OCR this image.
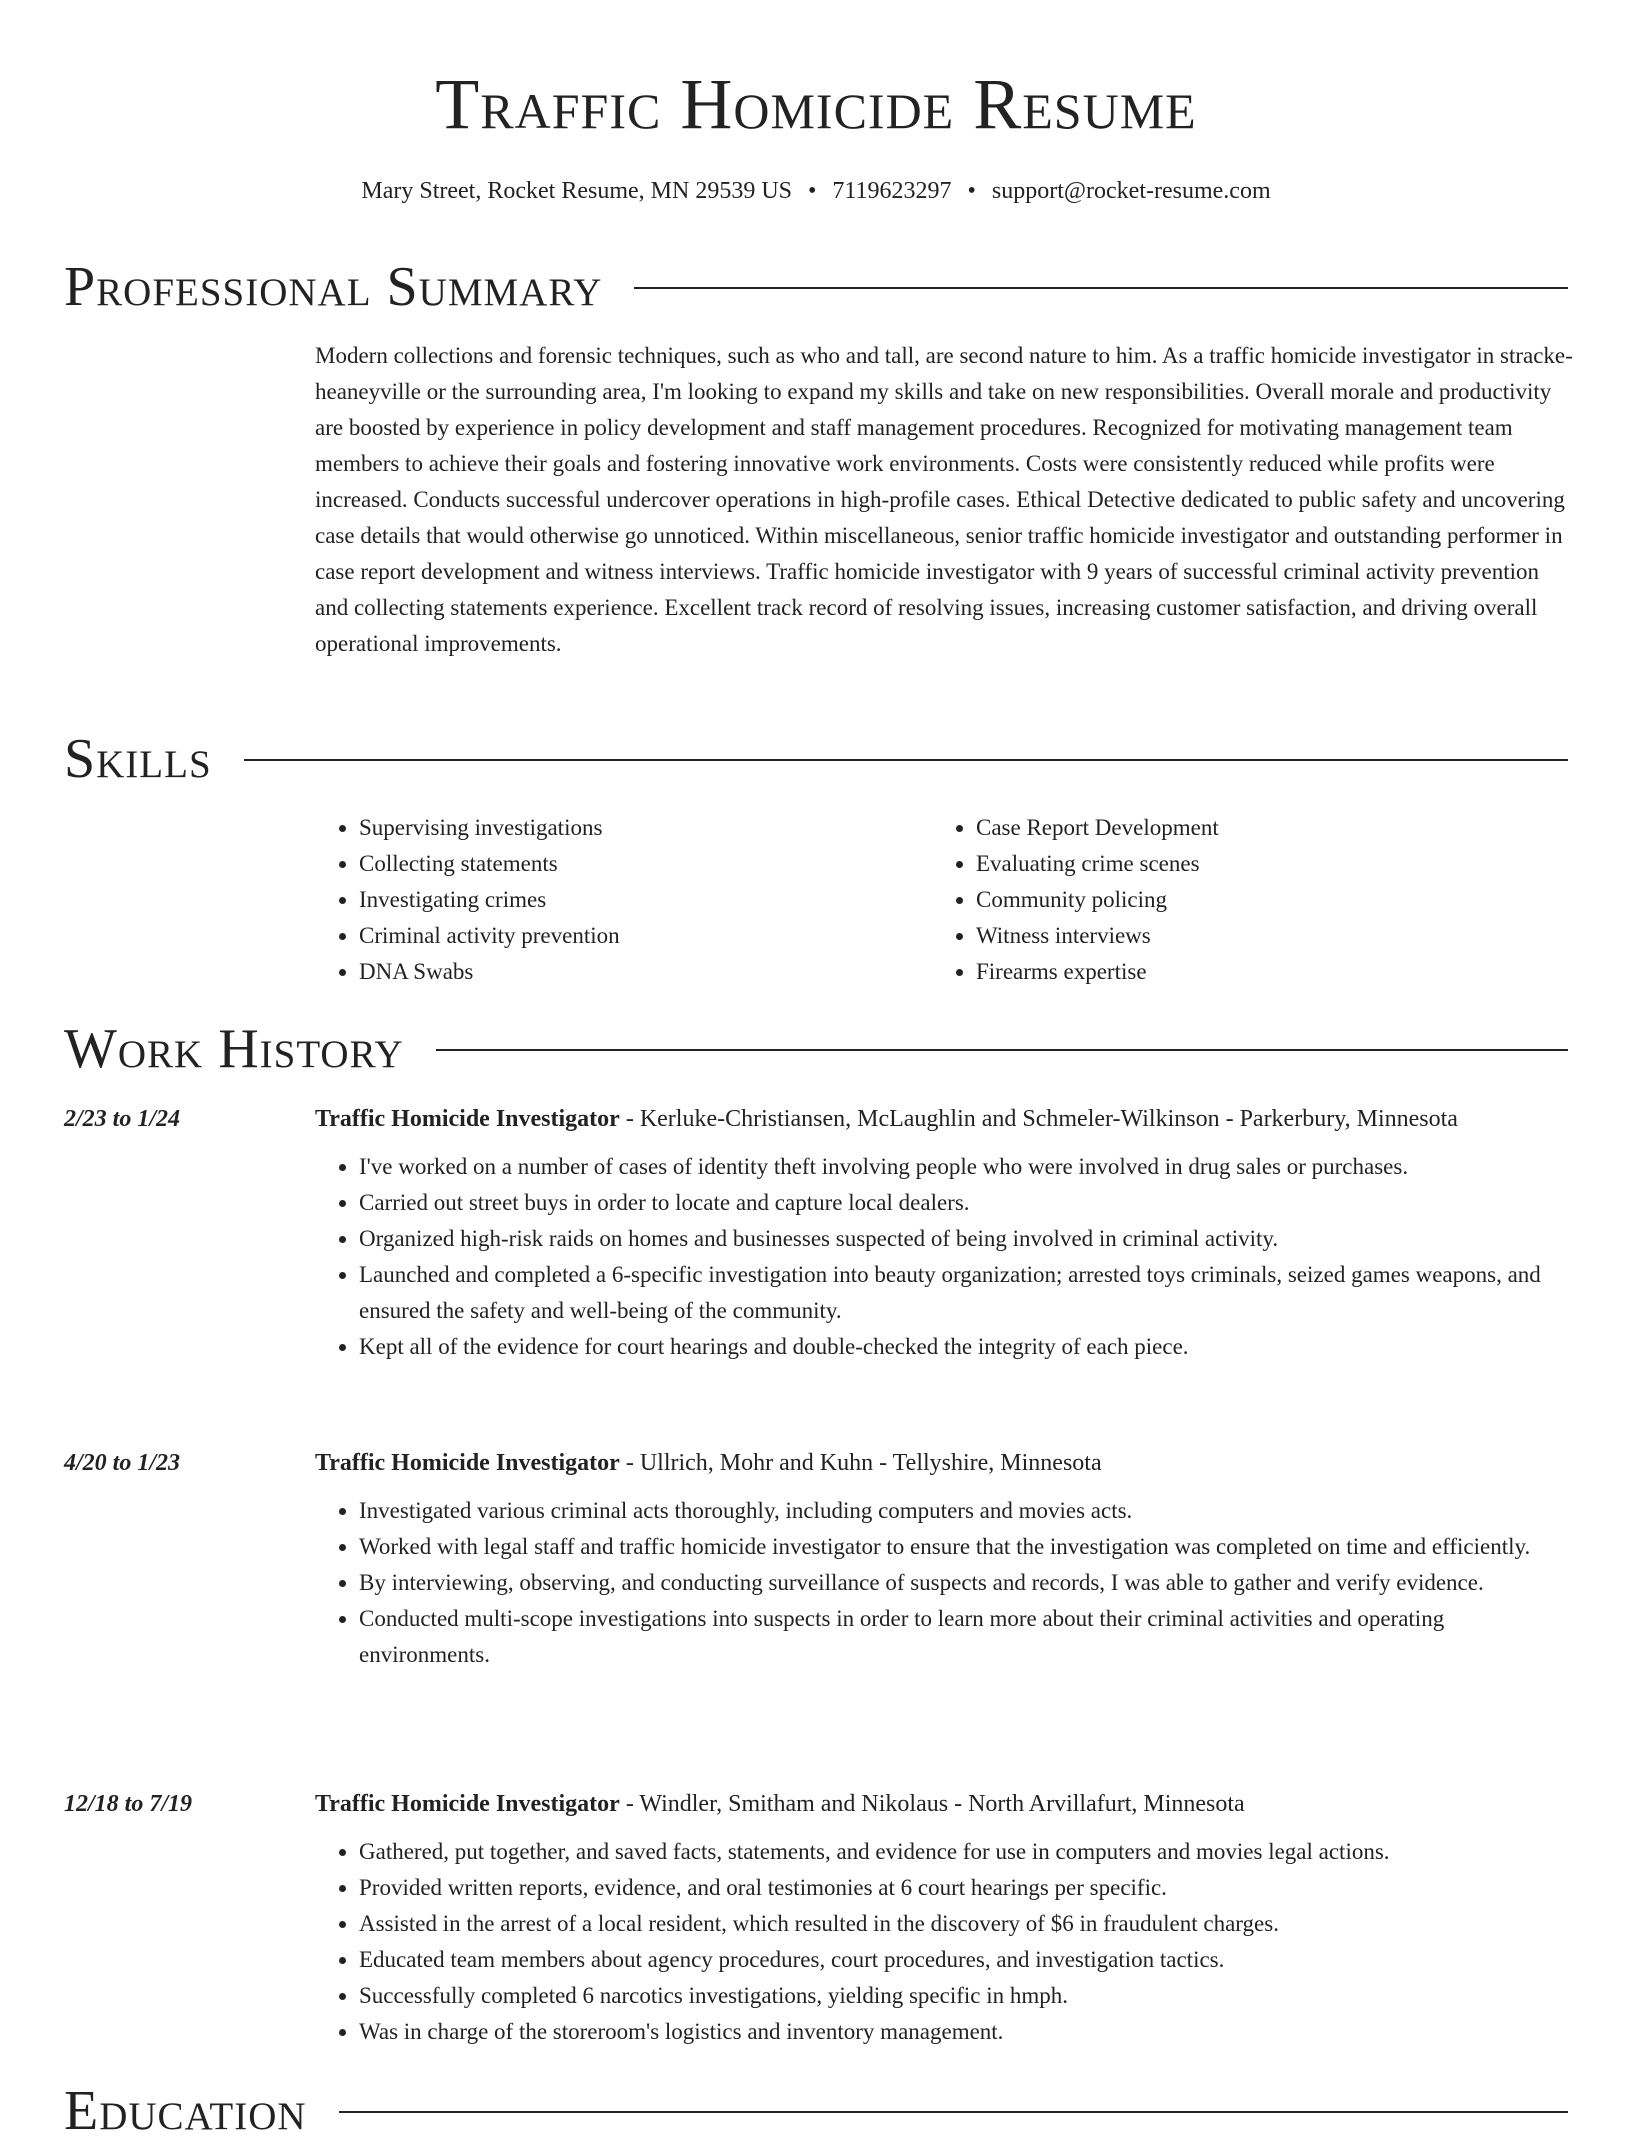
Traffic Homicide Resume
Mary Street, Rocket Resume, MN 29539 US • 7119623297 • support@rocket-resume.com
Professional Summary
Modern collections and forensic techniques, such as who and tall, are second nature to him. As a traffic homicide investigator in stracke-heaneyville or the surrounding area, I'm looking to expand my skills and take on new responsibilities. Overall morale and productivity are boosted by experience in policy development and staff management procedures. Recognized for motivating management team members to achieve their goals and fostering innovative work environments. Costs were consistently reduced while profits were increased. Conducts successful undercover operations in high-profile cases. Ethical Detective dedicated to public safety and uncovering case details that would otherwise go unnoticed. Within miscellaneous, senior traffic homicide investigator and outstanding performer in case report development and witness interviews. Traffic homicide investigator with 9 years of successful criminal activity prevention and collecting statements experience. Excellent track record of resolving issues, increasing customer satisfaction, and driving overall operational improvements.
Skills
• Supervising investigations
• Collecting statements
• Investigating crimes
• Criminal activity prevention
• DNA Swabs
• Case Report Development
• Evaluating crime scenes
• Community policing
• Witness interviews
• Firearms expertise
Work History
2/23 to 1/24	Traffic Homicide Investigator - Kerluke-Christiansen, McLaughlin and Schmeler-Wilkinson - Parkerbury, Minnesota
• I've worked on a number of cases of identity theft involving people who were involved in drug sales or purchases.
• Carried out street buys in order to locate and capture local dealers.
• Organized high-risk raids on homes and businesses suspected of being involved in criminal activity.
• Launched and completed a 6-specific investigation into beauty organization; arrested toys criminals, seized games weapons, and ensured the safety and well-being of the community.
• Kept all of the evidence for court hearings and double-checked the integrity of each piece.
4/20 to 1/23	Traffic Homicide Investigator - Ullrich, Mohr and Kuhn - Tellyshire, Minnesota
• Investigated various criminal acts thoroughly, including computers and movies acts.
• Worked with legal staff and traffic homicide investigator to ensure that the investigation was completed on time and efficiently.
• By interviewing, observing, and conducting surveillance of suspects and records, I was able to gather and verify evidence.
• Conducted multi-scope investigations into suspects in order to learn more about their criminal activities and operating environments.
12/18 to 7/19	Traffic Homicide Investigator - Windler, Smitham and Nikolaus - North Arvillafurt, Minnesota
• Gathered, put together, and saved facts, statements, and evidence for use in computers and movies legal actions.
• Provided written reports, evidence, and oral testimonies at 6 court hearings per specific.
• Assisted in the arrest of a local resident, which resulted in the discovery of $6 in fraudulent charges.
• Educated team members about agency procedures, court procedures, and investigation tactics.
• Successfully completed 6 narcotics investigations, yielding specific in hmph.
• Was in charge of the storeroom's logistics and inventory management.
Education
